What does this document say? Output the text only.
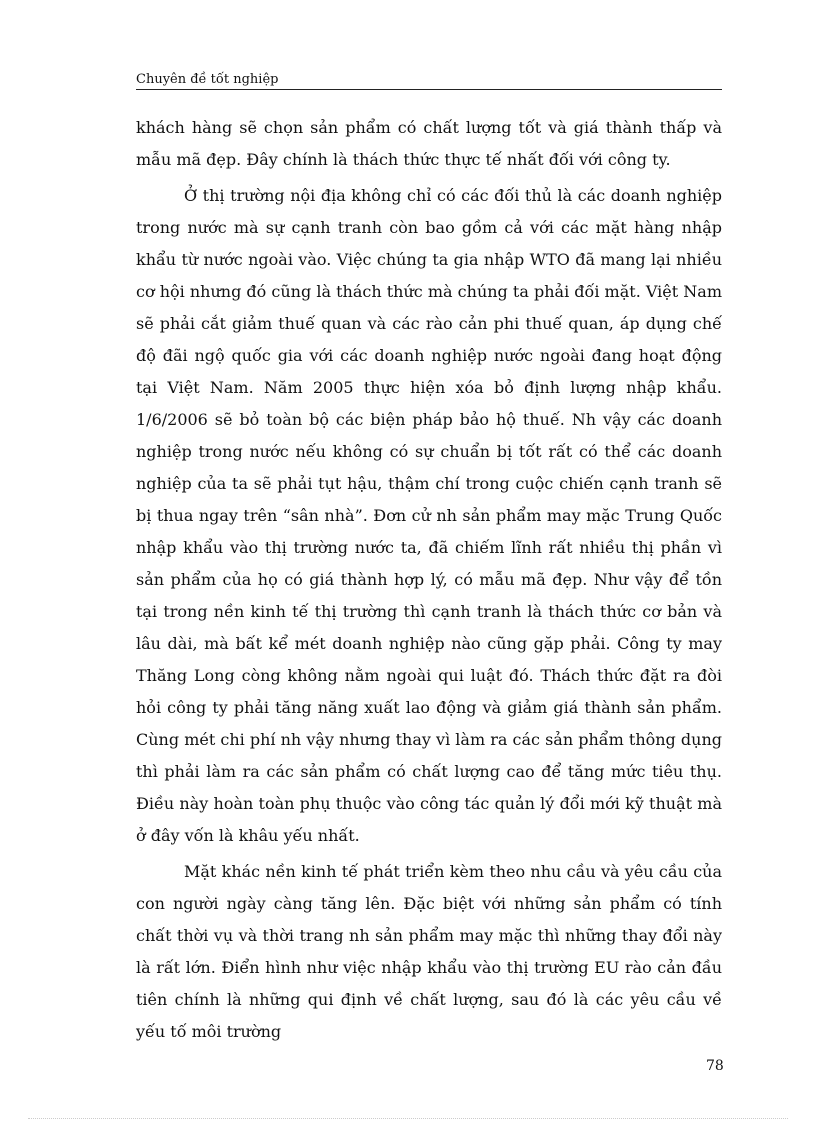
Chuyên đề tốt nghiệp

khách hàng sẽ chọn sản phẩm có chất lượng tốt và giá thành thấp và mẫu mã đẹp. Đây chính là thách thức thực tế nhất đối với công ty.

Ở thị trường nội địa không chỉ có các đối thủ là các doanh nghiệp trong nước mà sự cạnh tranh còn bao gồm cả với các mặt hàng nhập khẩu từ nước ngoài vào. Việc chúng ta gia nhập WTO đã mang lại nhiều cơ hội nhưng đó cũng là thách thức mà chúng ta phải đối mặt. Việt Nam sẽ phải cắt giảm thuế quan và các rào cản phi thuế quan, áp dụng chế độ đãi ngộ quốc gia với các doanh nghiệp nước ngoài đang hoạt động tại Việt Nam. Năm 2005 thực hiện xóa bỏ định lượng nhập khẩu. 1/6/2006 sẽ bỏ toàn bộ các biện pháp bảo hộ thuế. Nh vậy các doanh nghiệp trong nước nếu không có sự chuẩn bị tốt rất có thể các doanh nghiệp của ta sẽ phải tụt hậu, thậm chí trong cuộc chiến cạnh tranh sẽ bị thua ngay trên “sân nhà”. Đơn cử nh sản phẩm may mặc Trung Quốc nhập khẩu vào thị trường nước ta, đã chiếm lĩnh rất nhiều thị phần vì sản phẩm của họ có giá thành hợp lý, có mẫu mã đẹp. Như vậy để tồn tại trong nền kinh tế thị trường thì cạnh tranh là thách thức cơ bản và lâu dài, mà bất kể mét doanh nghiệp nào cũng gặp phải. Công ty may Thăng Long còng không nằm ngoài qui luật đó. Thách thức đặt ra đòi hỏi công ty phải tăng năng xuất lao động và giảm giá thành sản phẩm. Cùng mét chi phí nh vậy nhưng thay vì làm ra các sản phẩm thông dụng thì phải làm ra các sản phẩm có chất lượng cao để tăng mức tiêu thụ. Điều này hoàn toàn phụ thuộc vào công tác quản lý đổi mới kỹ thuật mà ở đây vốn là khâu yếu nhất.

Mặt khác nền kinh tế phát triển kèm theo nhu cầu và yêu cầu của con người ngày càng tăng lên. Đặc biệt với những sản phẩm có tính chất thời vụ và thời trang nh sản phẩm may mặc thì những thay đổi này là rất lớn. Điển hình như việc nhập khẩu vào thị trường EU rào cản đầu tiên chính là những qui định về chất lượng, sau đó là các yêu cầu về yếu tố môi trường

78
